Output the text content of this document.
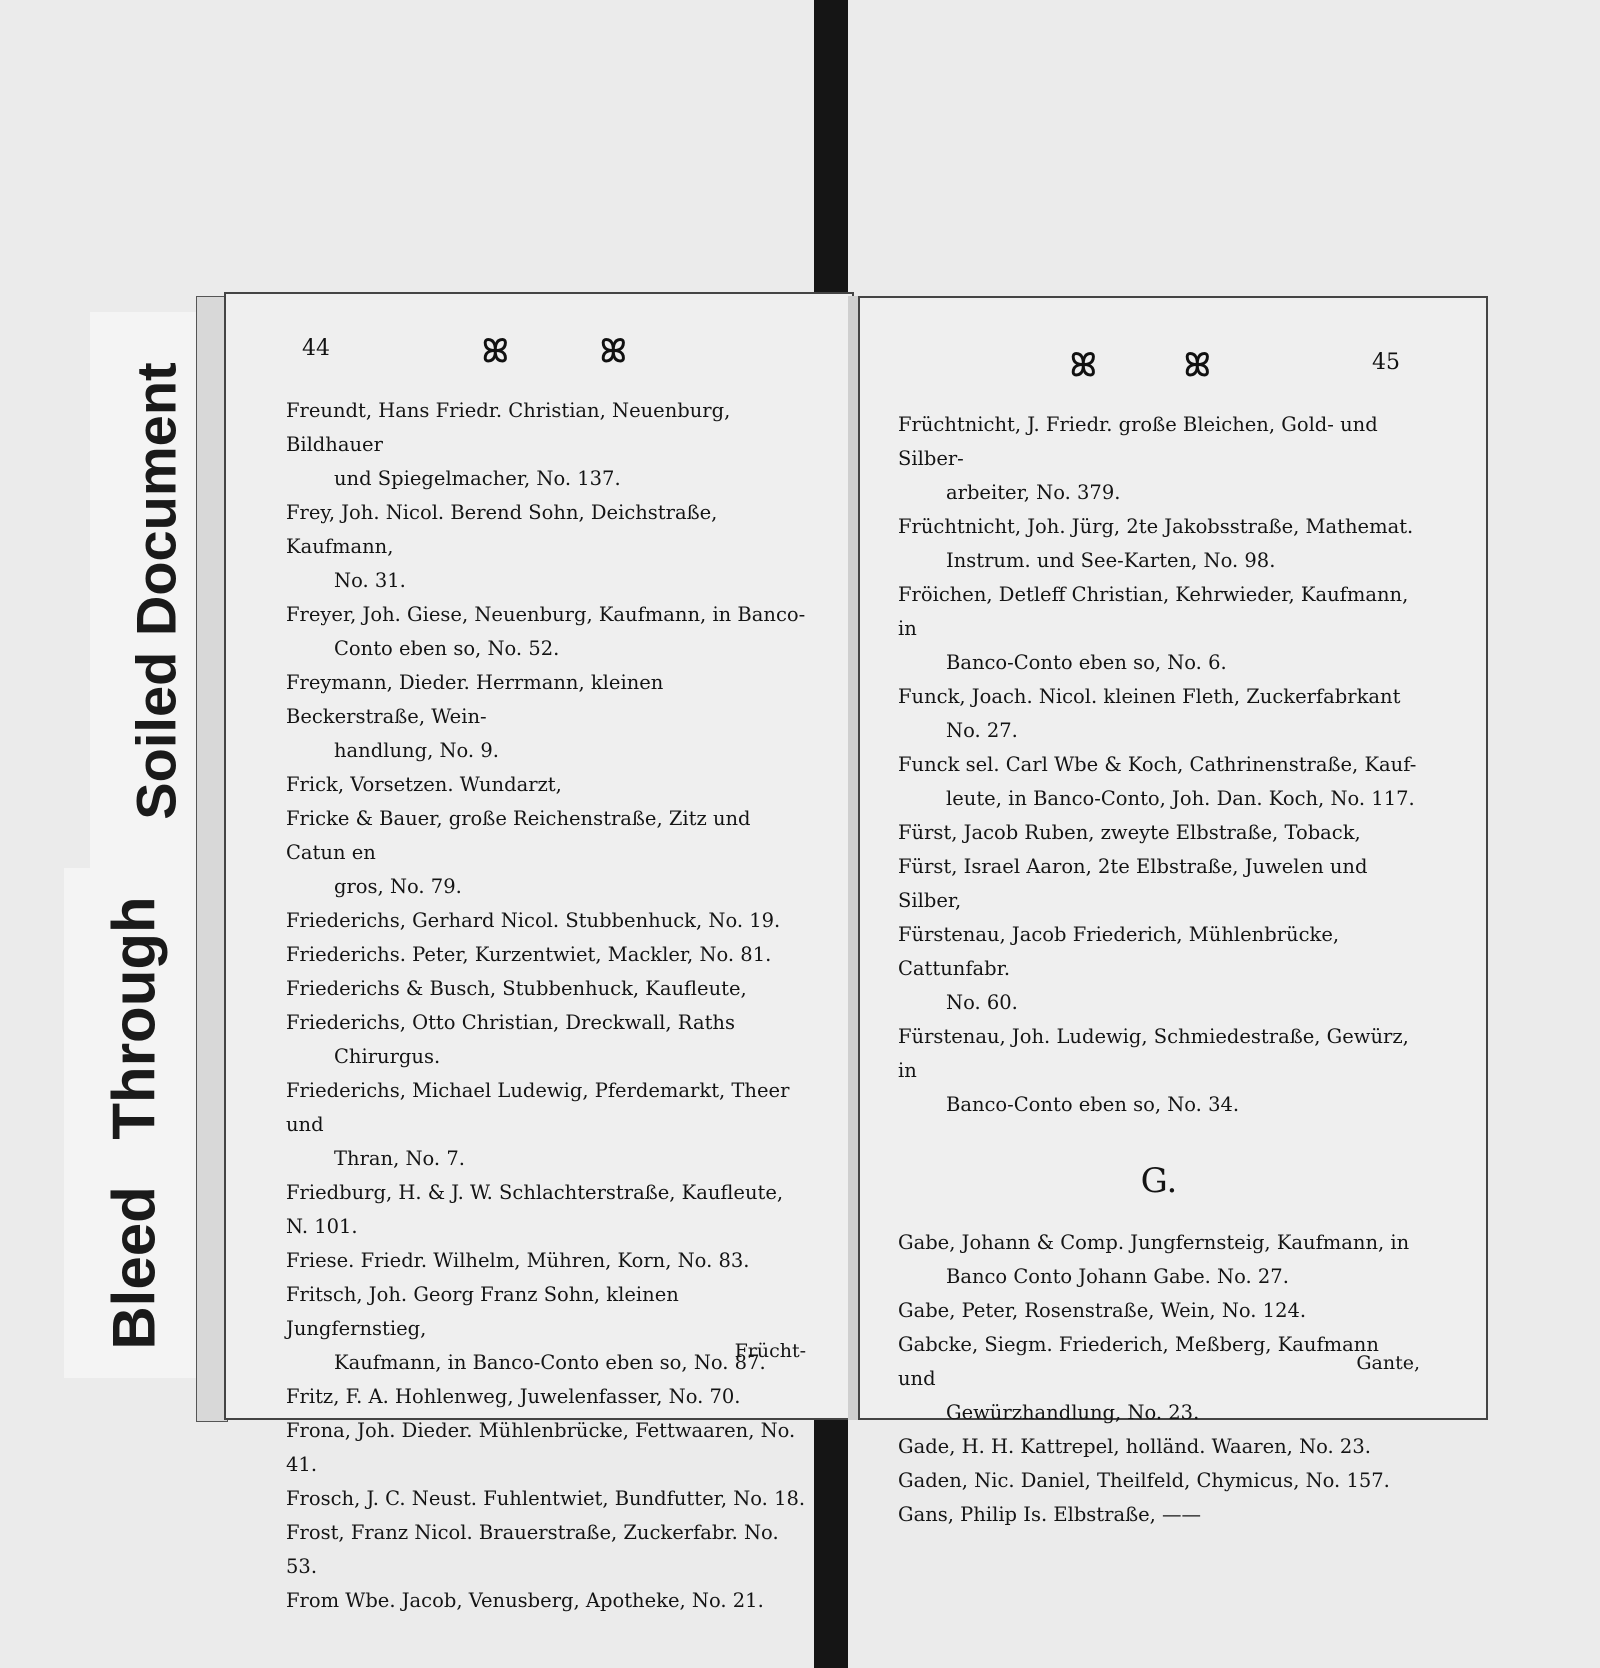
Soiled Document
Bleed Through
44	ꕤ	ꕤ
Freundt, Hans Friedr. Christian, Neuenburg, Bildhauer
und Spiegelmacher, No. 137.
Frey, Joh. Nicol. Berend Sohn, Deichstraße, Kaufmann,
No. 31.
Freyer, Joh. Giese, Neuenburg, Kaufmann, in Banco-
Conto eben so, No. 52.
Freymann, Dieder. Herrmann, kleinen Beckerstraße, Wein-
handlung, No. 9.
Frick, Vorsetzen. Wundarzt,
Fricke & Bauer, große Reichenstraße, Zitz und Catun en
gros, No. 79.
Friederichs, Gerhard Nicol. Stubbenhuck, No. 19.
Friederichs. Peter, Kurzentwiet, Mackler, No. 81.
Friederichs & Busch, Stubbenhuck, Kaufleute,
Friederichs, Otto Christian, Dreckwall, Raths
Chirurgus.
Friederichs, Michael Ludewig, Pferdemarkt, Theer und
Thran, No. 7.
Friedburg, H. & J. W. Schlachterstraße, Kaufleute, N. 101.
Friese. Friedr. Wilhelm, Mühren, Korn, No. 83.
Fritsch, Joh. Georg Franz Sohn, kleinen Jungfernstieg,
Kaufmann, in Banco-Conto eben so, No. 87.
Fritz, F. A. Hohlenweg, Juwelenfasser, No. 70.
Frona, Joh. Dieder. Mühlenbrücke, Fettwaaren, No. 41.
Frosch, J. C. Neust. Fuhlentwiet, Bundfutter, No. 18.
Frost, Franz Nicol. Brauerstraße, Zuckerfabr. No. 53.
From Wbe. Jacob, Venusberg, Apotheke, No. 21.
Frücht-
ꕤ	ꕤ	45
Früchtnicht, J. Friedr. große Bleichen, Gold- und Silber-
arbeiter, No. 379.
Früchtnicht, Joh. Jürg, 2te Jakobsstraße, Mathemat.
Instrum. und See-Karten, No. 98.
Fröichen, Detleff Christian, Kehrwieder, Kaufmann, in
Banco-Conto eben so, No. 6.
Funck, Joach. Nicol. kleinen Fleth, Zuckerfabrkant
No. 27.
Funck sel. Carl Wbe & Koch, Cathrinenstraße, Kauf-
leute, in Banco-Conto, Joh. Dan. Koch, No. 117.
Fürst, Jacob Ruben, zweyte Elbstraße, Toback,
Fürst, Israel Aaron, 2te Elbstraße, Juwelen und Silber,
Fürstenau, Jacob Friederich, Mühlenbrücke, Cattunfabr.
No. 60.
Fürstenau, Joh. Ludewig, Schmiedestraße, Gewürz, in
Banco-Conto eben so, No. 34.
G.
Gabe, Johann & Comp. Jungfernsteig, Kaufmann, in
Banco Conto Johann Gabe. No. 27.
Gabe, Peter, Rosenstraße, Wein, No. 124.
Gabcke, Siegm. Friederich, Meßberg, Kaufmann und
Gewürzhandlung, No. 23.
Gade, H. H. Kattrepel, holländ. Waaren, No. 23.
Gaden, Nic. Daniel, Theilfeld, Chymicus, No. 157.
Gans, Philip Is. Elbstraße, ——
Gante,
